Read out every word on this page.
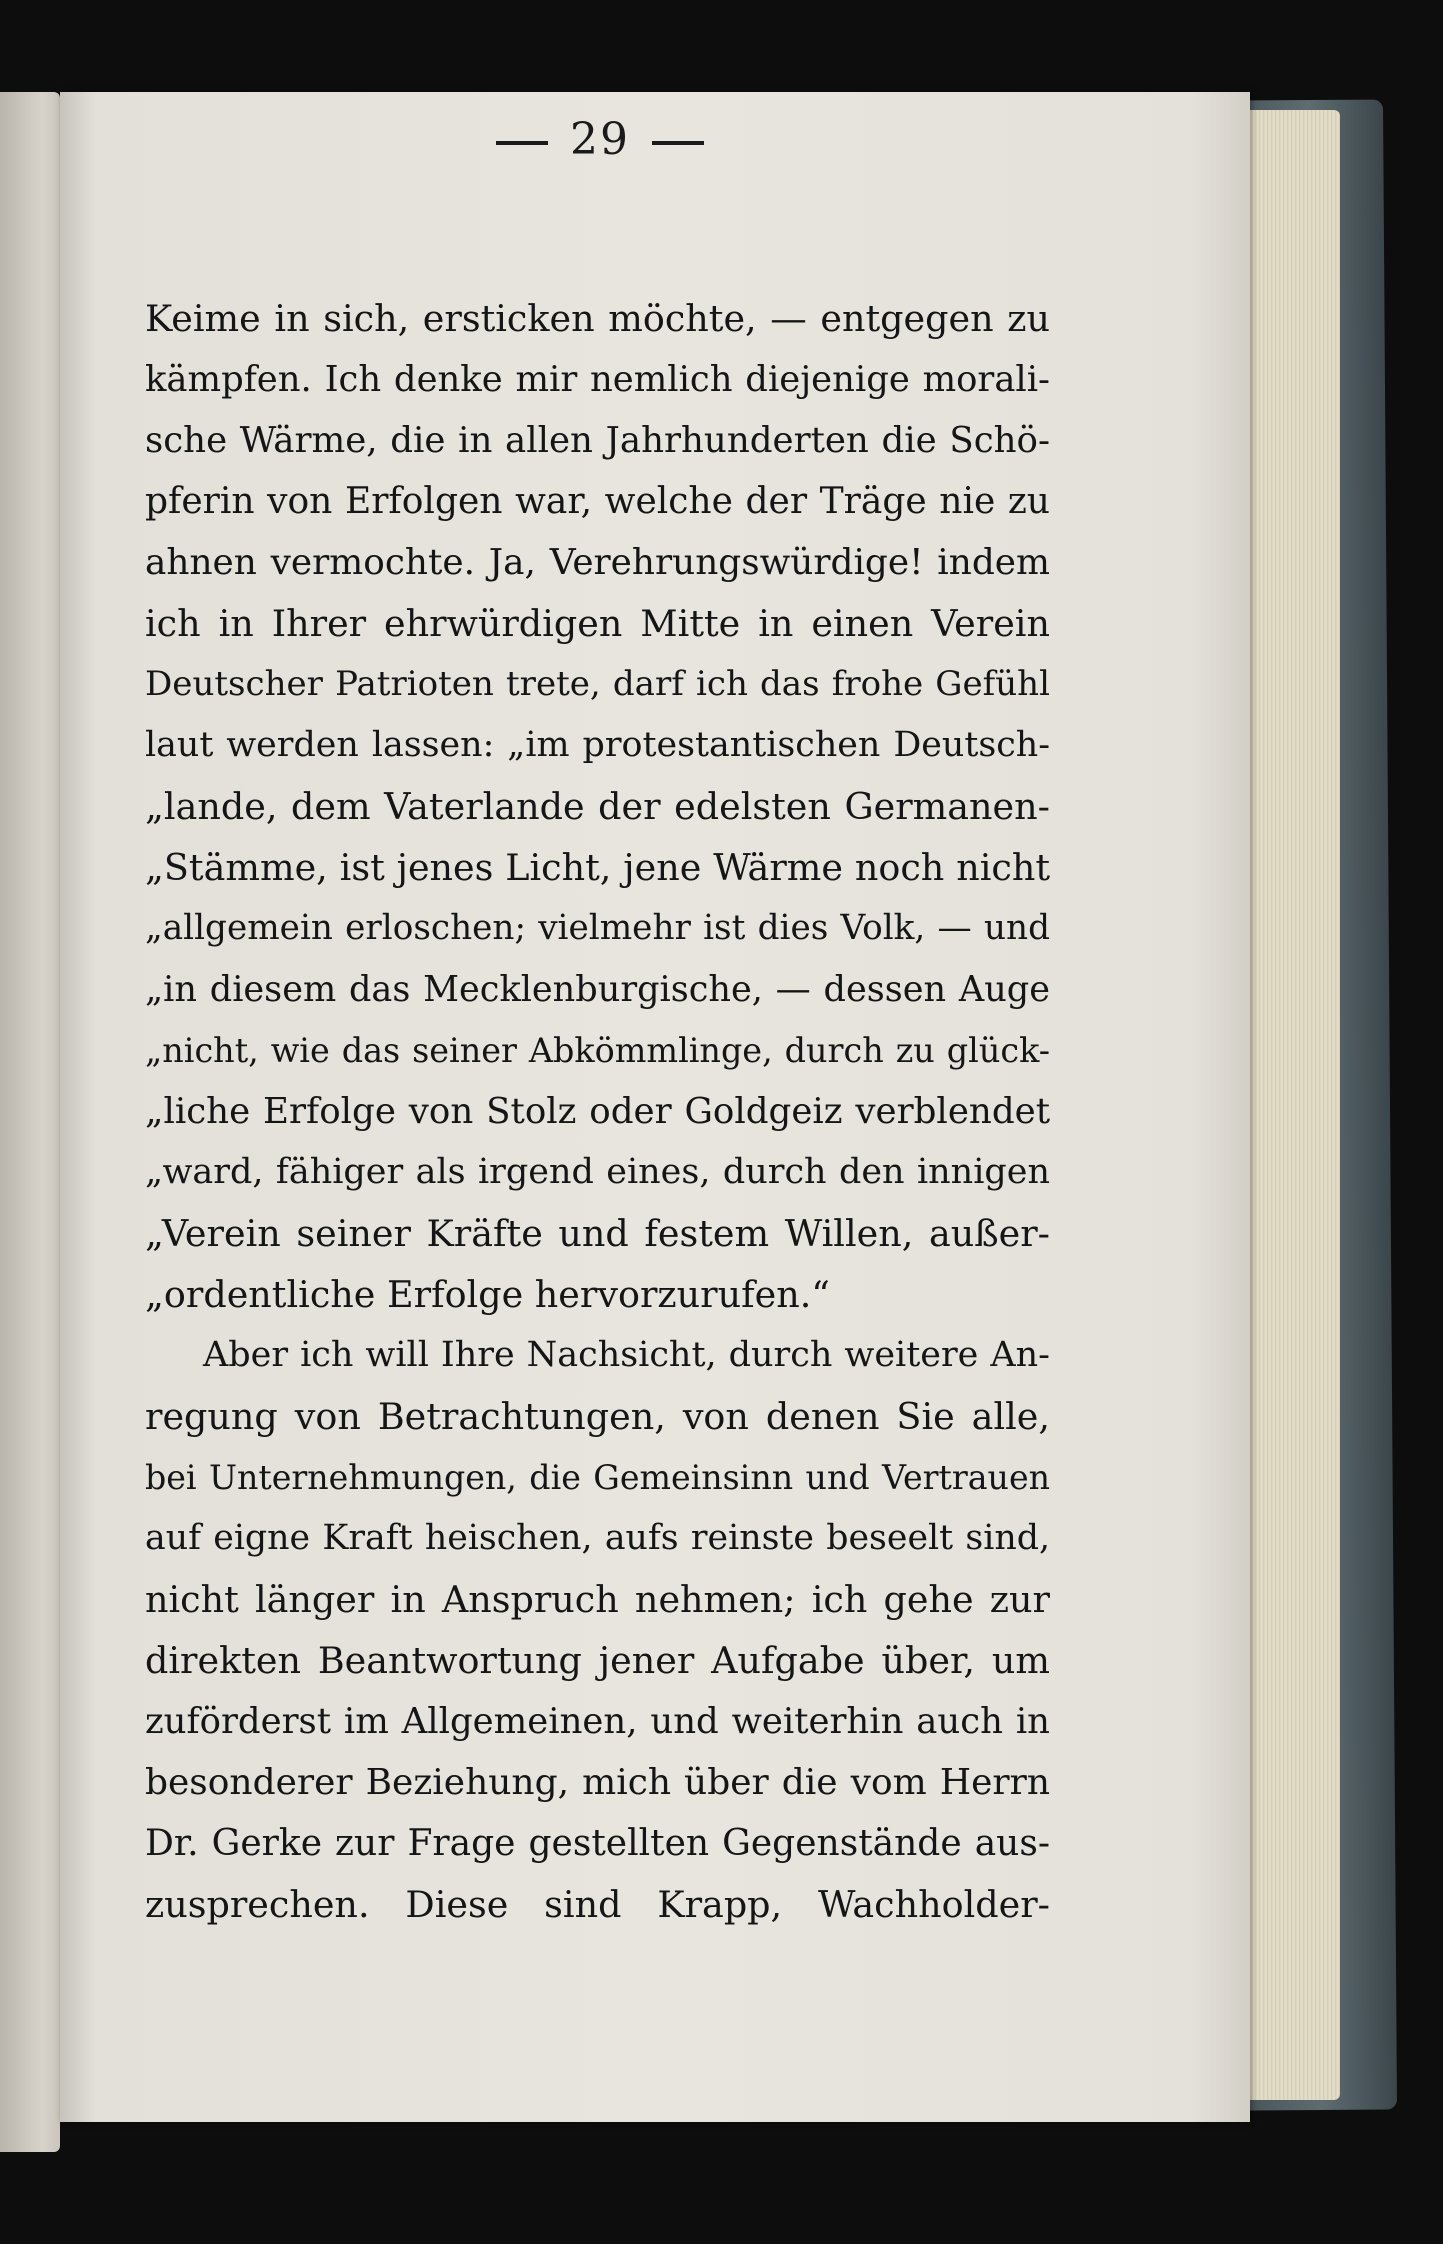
29
Keime in sich, ersticken möchte, — entgegen zu
kämpfen. Ich denke mir nemlich diejenige morali-
sche Wärme, die in allen Jahrhunderten die Schö-
pferin von Erfolgen war, welche der Träge nie zu
ahnen vermochte. Ja, Verehrungswürdige! indem
ich in Ihrer ehrwürdigen Mitte in einen Verein
Deutscher Patrioten trete, darf ich das frohe Gefühl
laut werden lassen: „im protestantischen Deutsch-
„lande, dem Vaterlande der edelsten Germanen-
„Stämme, ist jenes Licht, jene Wärme noch nicht
„allgemein erloschen; vielmehr ist dies Volk, — und
„in diesem das Mecklenburgische, — dessen Auge
„nicht, wie das seiner Abkömmlinge, durch zu glück-
„liche Erfolge von Stolz oder Goldgeiz verblendet
„ward, fähiger als irgend eines, durch den innigen
„Verein seiner Kräfte und festem Willen, außer-
„ordentliche Erfolge hervorzurufen.“
Aber ich will Ihre Nachsicht, durch weitere An-
regung von Betrachtungen, von denen Sie alle,
bei Unternehmungen, die Gemeinsinn und Vertrauen
auf eigne Kraft heischen, aufs reinste beseelt sind,
nicht länger in Anspruch nehmen; ich gehe zur
direkten Beantwortung jener Aufgabe über, um
zuförderst im Allgemeinen, und weiterhin auch in
besonderer Beziehung, mich über die vom Herrn
Dr. Gerke zur Frage gestellten Gegenstände aus-
zusprechen. Diese sind Krapp, Wachholder-
